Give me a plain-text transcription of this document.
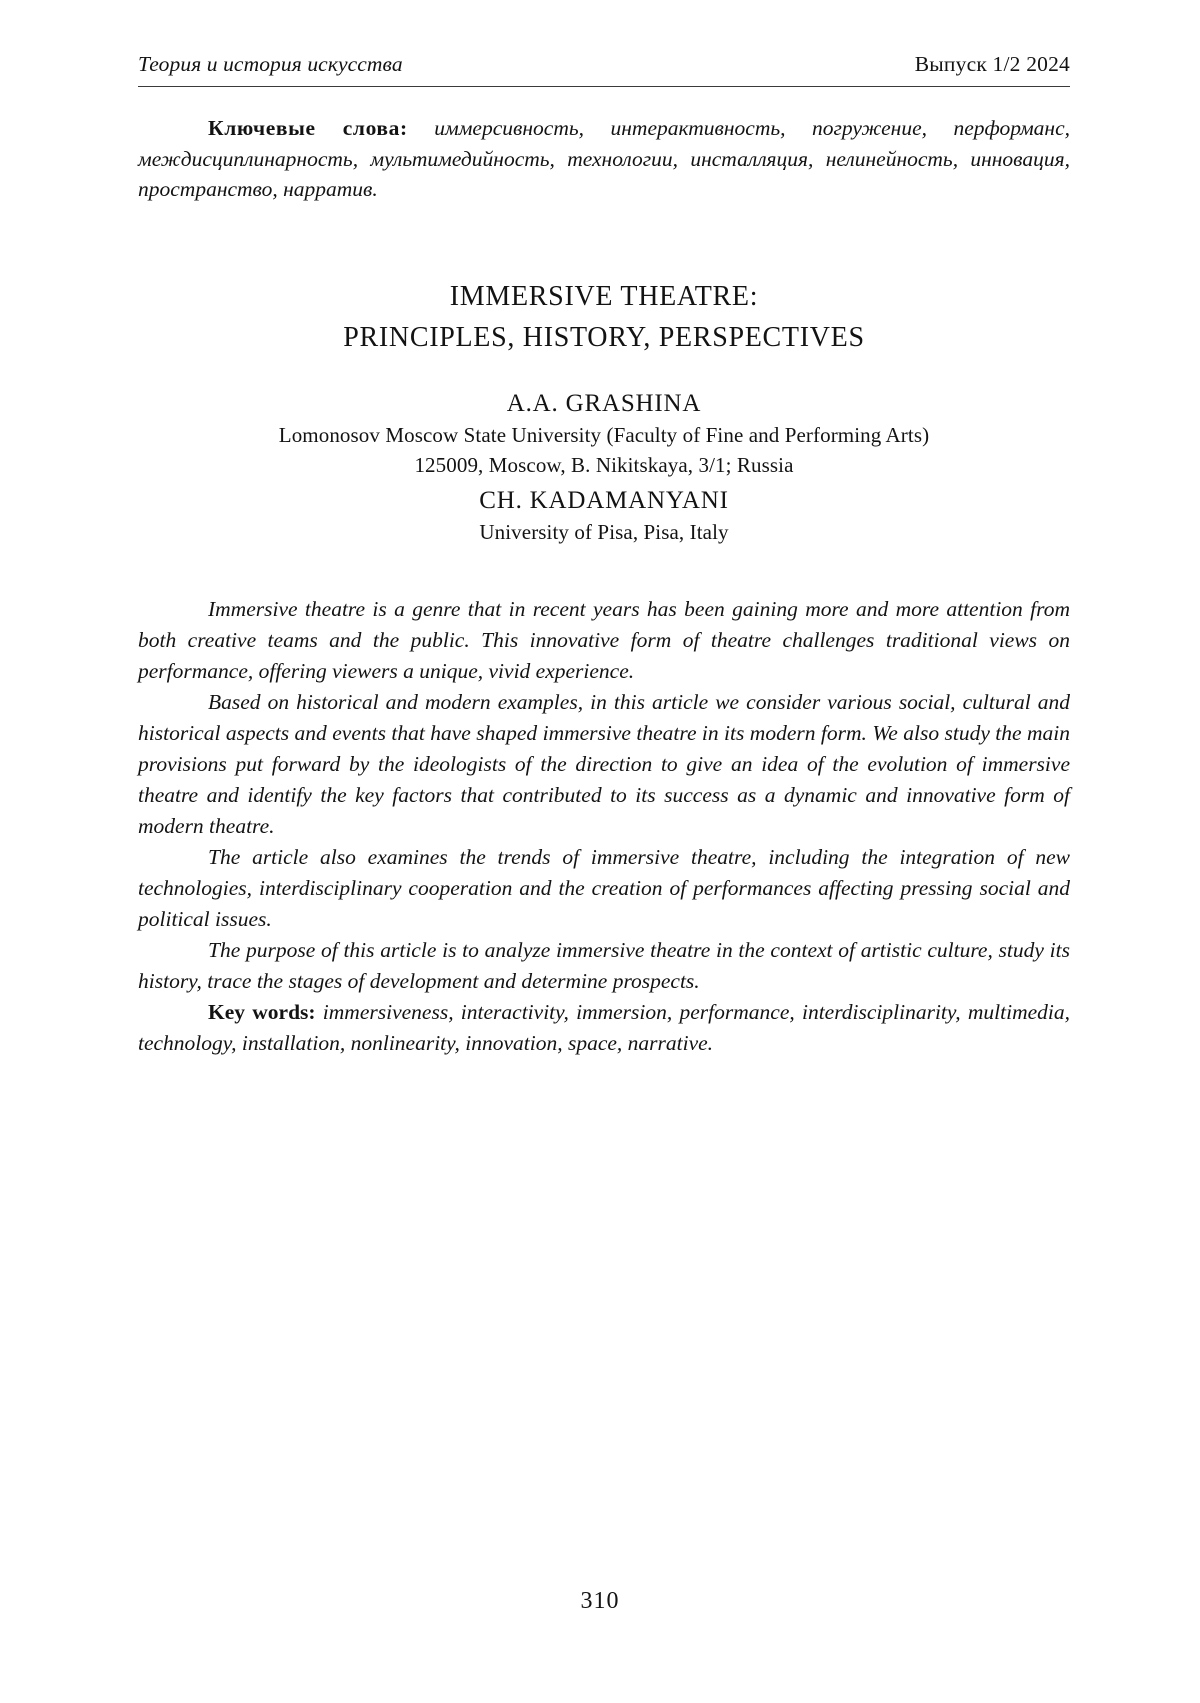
Теория и история искусства	Выпуск 1/2 2024
Ключевые слова: иммерсивность, интерактивность, погружение, перформанс, междисциплинарность, мультимедийность, технологии, инсталляция, нелинейность, инновация, пространство, нарратив.
IMMERSIVE THEATRE:
PRINCIPLES, HISTORY, PERSPECTIVES
A.A. GRASHINA
Lomonosov Moscow State University (Faculty of Fine and Performing Arts)
125009, Moscow, B. Nikitskaya, 3/1; Russia
CH. KADAMANYANI
University of Pisa, Pisa, Italy

Immersive theatre is a genre that in recent years has been gaining more and more attention from both creative teams and the public. This innovative form of theatre challenges traditional views on performance, offering viewers a unique, vivid experience.

Based on historical and modern examples, in this article we consider various social, cultural and historical aspects and events that have shaped immersive theatre in its modern form. We also study the main provisions put forward by the ideologists of the direction to give an idea of the evolution of immersive theatre and identify the key factors that contributed to its success as a dynamic and innovative form of modern theatre.

The article also examines the trends of immersive theatre, including the integration of new technologies, interdisciplinary cooperation and the creation of performances affecting pressing social and political issues.

The purpose of this article is to analyze immersive theatre in the context of artistic culture, study its history, trace the stages of development and determine prospects.

Key words: immersiveness, interactivity, immersion, performance, interdisciplinarity, multimedia, technology, installation, nonlinearity, innovation, space, narrative.
310
